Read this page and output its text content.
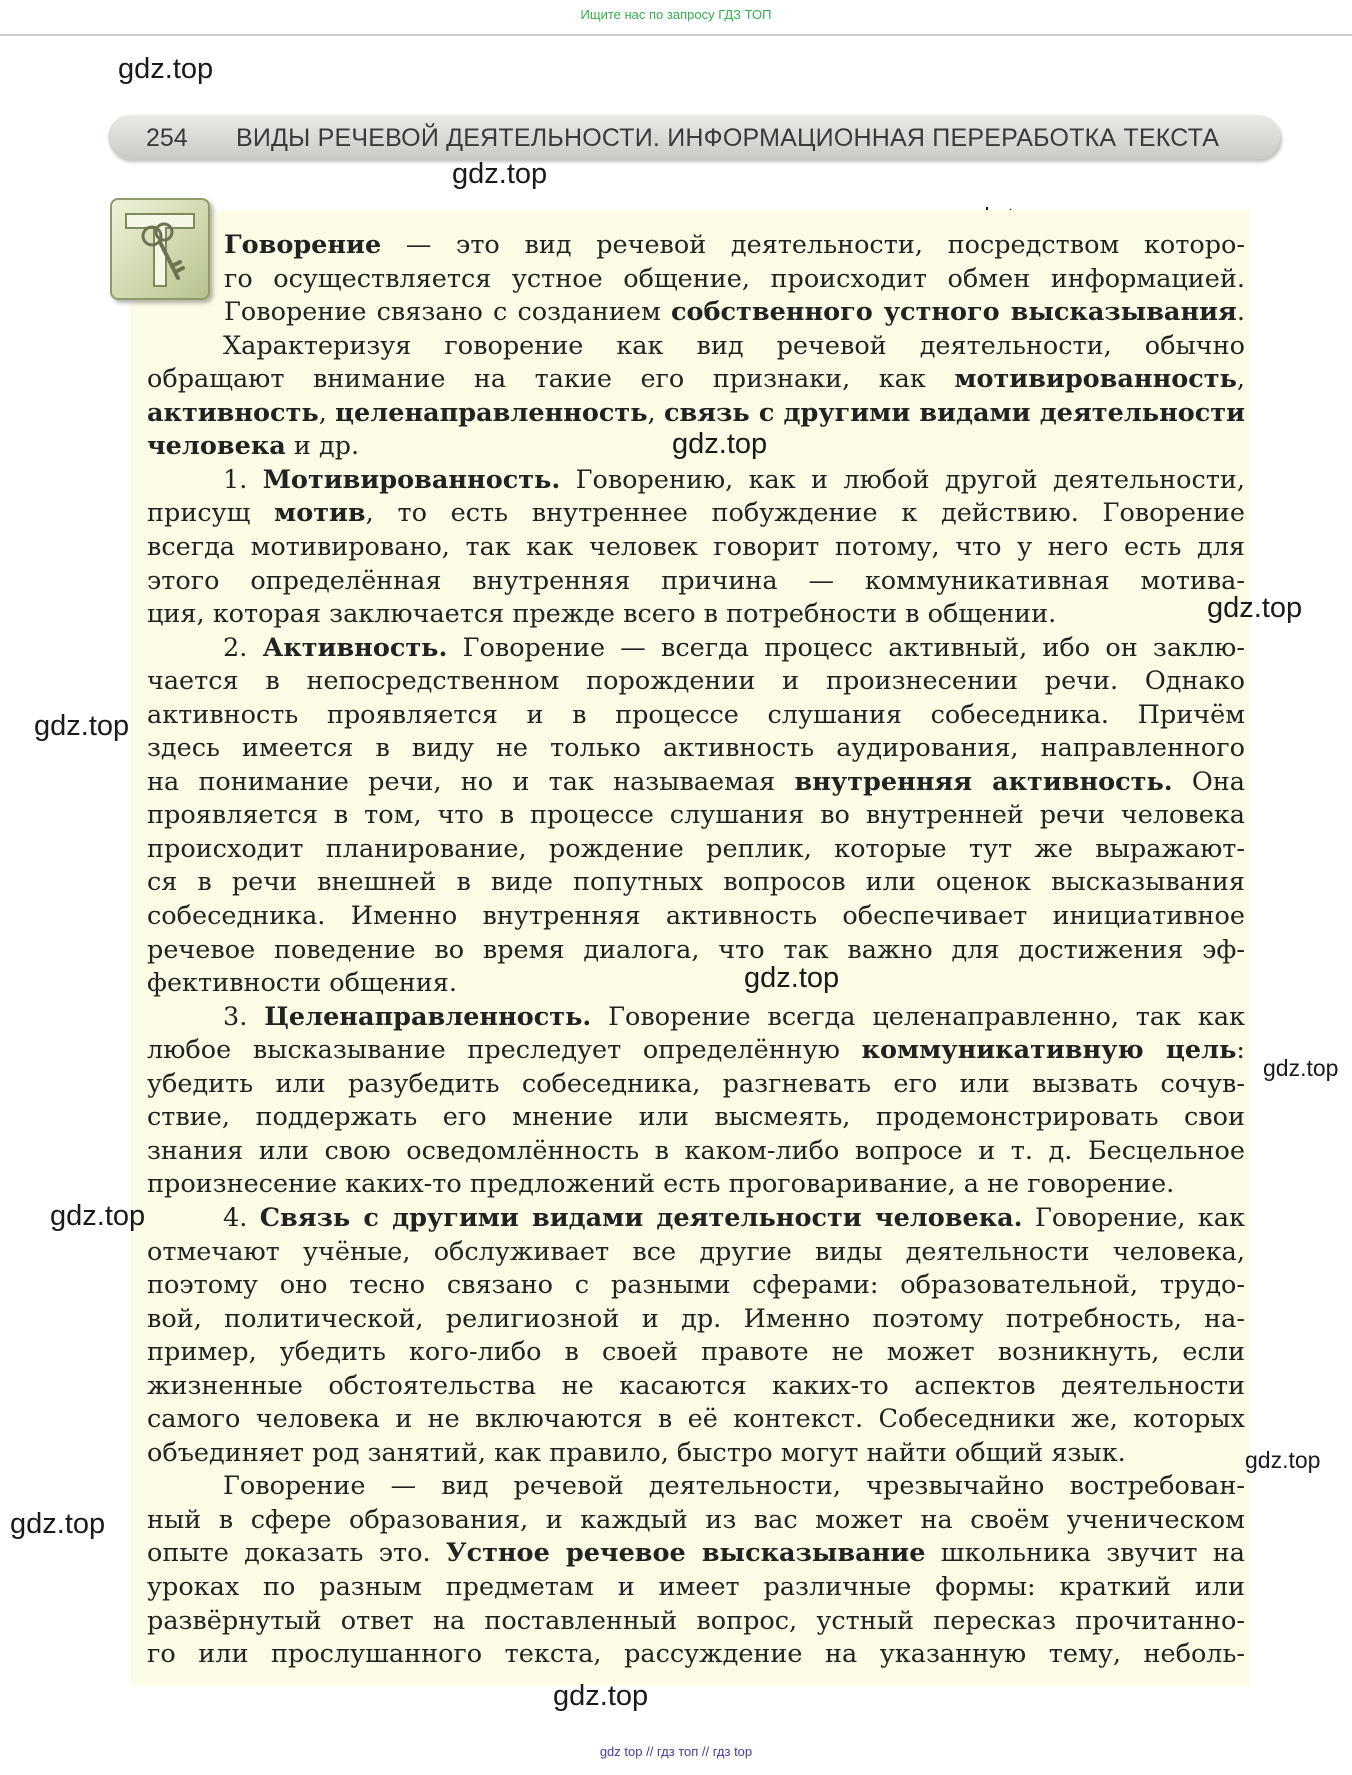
Ищите нас по запросу ГДЗ ТОП
gdz.top
254 ВИДЫ РЕЧЕВОЙ ДЕЯТЕЛЬНОСТИ. ИНФОРМАЦИОННАЯ ПЕРЕРАБОТКА ТЕКСТА
gdz.top
Говорение — это вид речевой деятельности, посредством которо-
го осуществляется устное общение, происходит обмен информацией.
Говорение связано с созданием собственного устного высказывания.
Характеризуя говорение как вид речевой деятельности, обычно
обращают внимание на такие его признаки, как мотивированность,
активность, целенаправленность, связь с другими видами деятельности
человека и др.
1. Мотивированность. Говорению, как и любой другой деятельности,
присущ мотив, то есть внутреннее побуждение к действию. Говорение
всегда мотивировано, так как человек говорит потому, что у него есть для
этого определённая внутренняя причина — коммуникативная мотива-
ция, которая заключается прежде всего в потребности в общении.
2. Активность. Говорение — всегда процесс активный, ибо он заклю-
чается в непосредственном порождении и произнесении речи. Однако
активность проявляется и в процессе слушания собеседника. Причём
здесь имеется в виду не только активность аудирования, направленного
на понимание речи, но и так называемая внутренняя активность. Она
проявляется в том, что в процессе слушания во внутренней речи человека
происходит планирование, рождение реплик, которые тут же выражают-
ся в речи внешней в виде попутных вопросов или оценок высказывания
собеседника. Именно внутренняя активность обеспечивает инициативное
речевое поведение во время диалога, что так важно для достижения эф-
фективности общения.
3. Целенаправленность. Говорение всегда целенаправленно, так как
любое высказывание преследует определённую коммуникативную цель:
убедить или разубедить собеседника, разгневать его или вызвать сочув-
ствие, поддержать его мнение или высмеять, продемонстрировать свои
знания или свою осведомлённость в каком-либо вопросе и т. д. Бесцельное
произнесение каких-то предложений есть проговаривание, а не говорение.
4. Связь с другими видами деятельности человека. Говорение, как
отмечают учёные, обслуживает все другие виды деятельности человека,
поэтому оно тесно связано с разными сферами: образовательной, трудо-
вой, политической, религиозной и др. Именно поэтому потребность, на-
пример, убедить кого-либо в своей правоте не может возникнуть, если
жизненные обстоятельства не касаются каких-то аспектов деятельности
самого человека и не включаются в её контекст. Собеседники же, которых
объединяет род занятий, как правило, быстро могут найти общий язык.
Говорение — вид речевой деятельности, чрезвычайно востребован-
ный в сфере образования, и каждый из вас может на своём ученическом
опыте доказать это. Устное речевое высказывание школьника звучит на
уроках по разным предметам и имеет различные формы: краткий или
развёрнутый ответ на поставленный вопрос, устный пересказ прочитанно-
го или прослушанного текста, рассуждение на указанную тему, неболь-
gdz.top
gdz.top
gdz.top
gdz.top
gdz.top
gdz.top
gdz.top
gdz.top
gdz.top
gdz top // гдз топ // гдз top
